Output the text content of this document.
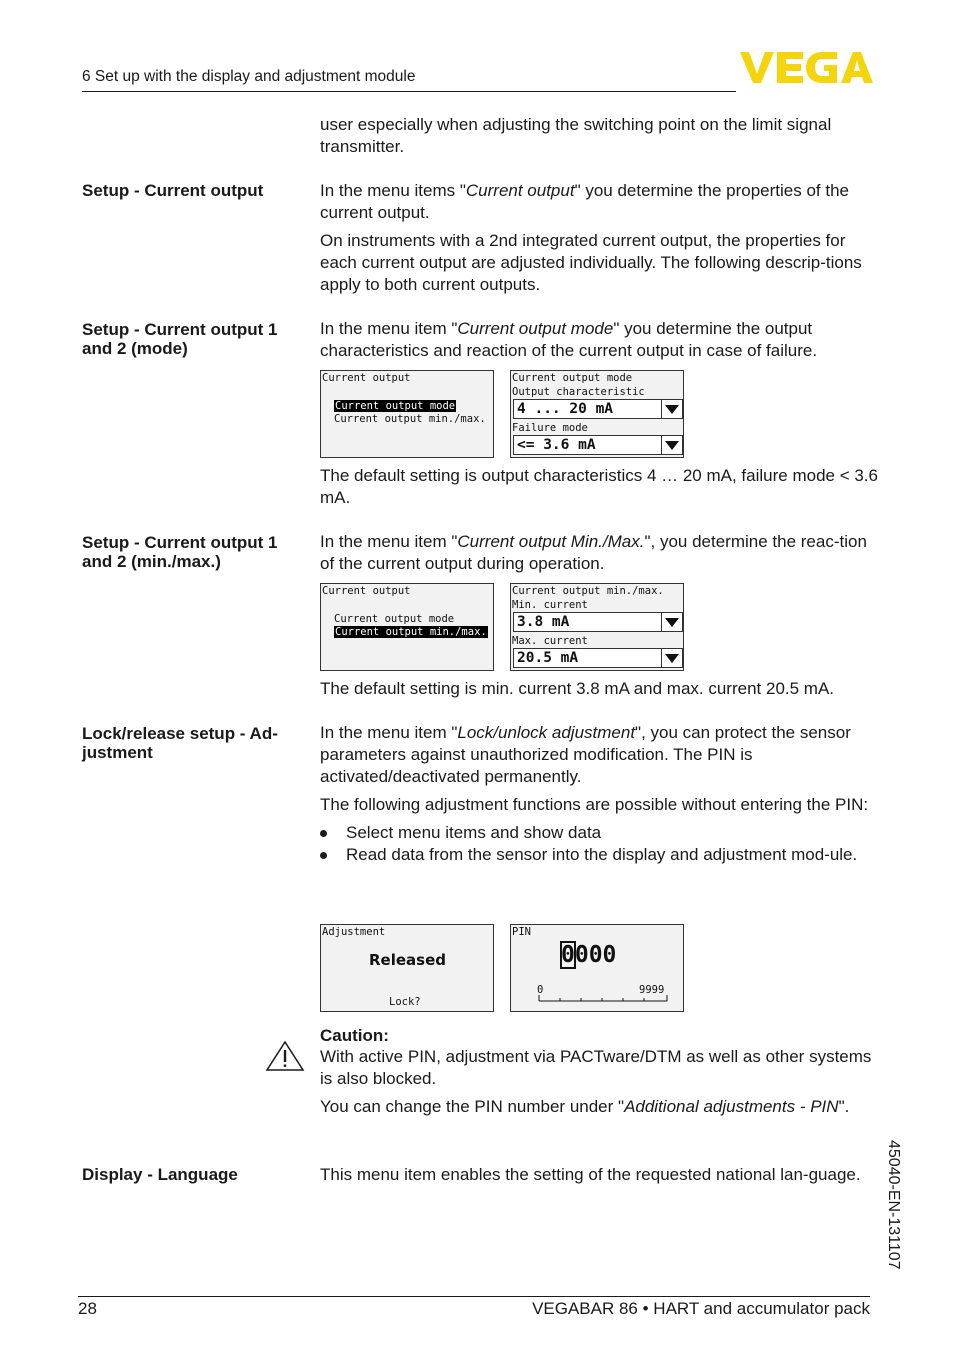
6 Set up with the display and adjustment module

user especially when adjusting the switching point on the limit signal transmitter.

Setup - Current output	In the menu items "Current output" you determine the properties of the current output.

On instruments with a 2nd integrated current output, the properties for each current output are adjusted individually. The following descrip-tions apply to both current outputs.

Setup - Current output 1
and 2 (mode)

In the menu item "Current output mode" you determine the output characteristics and reaction of the current output in case of failure.

Current output
Current output mode
Current output min./max.
Current output mode
Output characteristic
4 ... 20 mA
Failure mode
<= 3.6 mA

The default setting is output characteristics 4 … 20 mA, failure mode < 3.6 mA.

Setup - Current output 1
and 2 (min./max.)

In the menu item "Current output Min./Max.", you determine the reac-tion of the current output during operation.

Current output
Current output mode
Current output min./max.
Current output min./max.
Min. current
3.8 mA
Max. current
20.5 mA

The default setting is min. current 3.8 mA and max. current 20.5 mA.

Lock/release setup - Ad-
justment

In the menu item "Lock/unlock adjustment", you can protect the sensor parameters against unauthorized modification. The PIN is activated/deactivated permanently.

The following adjustment functions are possible without entering the PIN:

Select menu items and show data
Read data from the sensor into the display and adjustment mod-ule.
Adjustment
Released
Lock?
PIN
0000
0	9999

Caution:

With active PIN, adjustment via PACTware/DTM as well as other systems is also blocked.

You can change the PIN number under "Additional adjustments - PIN".

Display - Language	This menu item enables the setting of the requested national lan-guage.	45040-EN-131107
28	VEGABAR 86 • HART and accumulator pack
